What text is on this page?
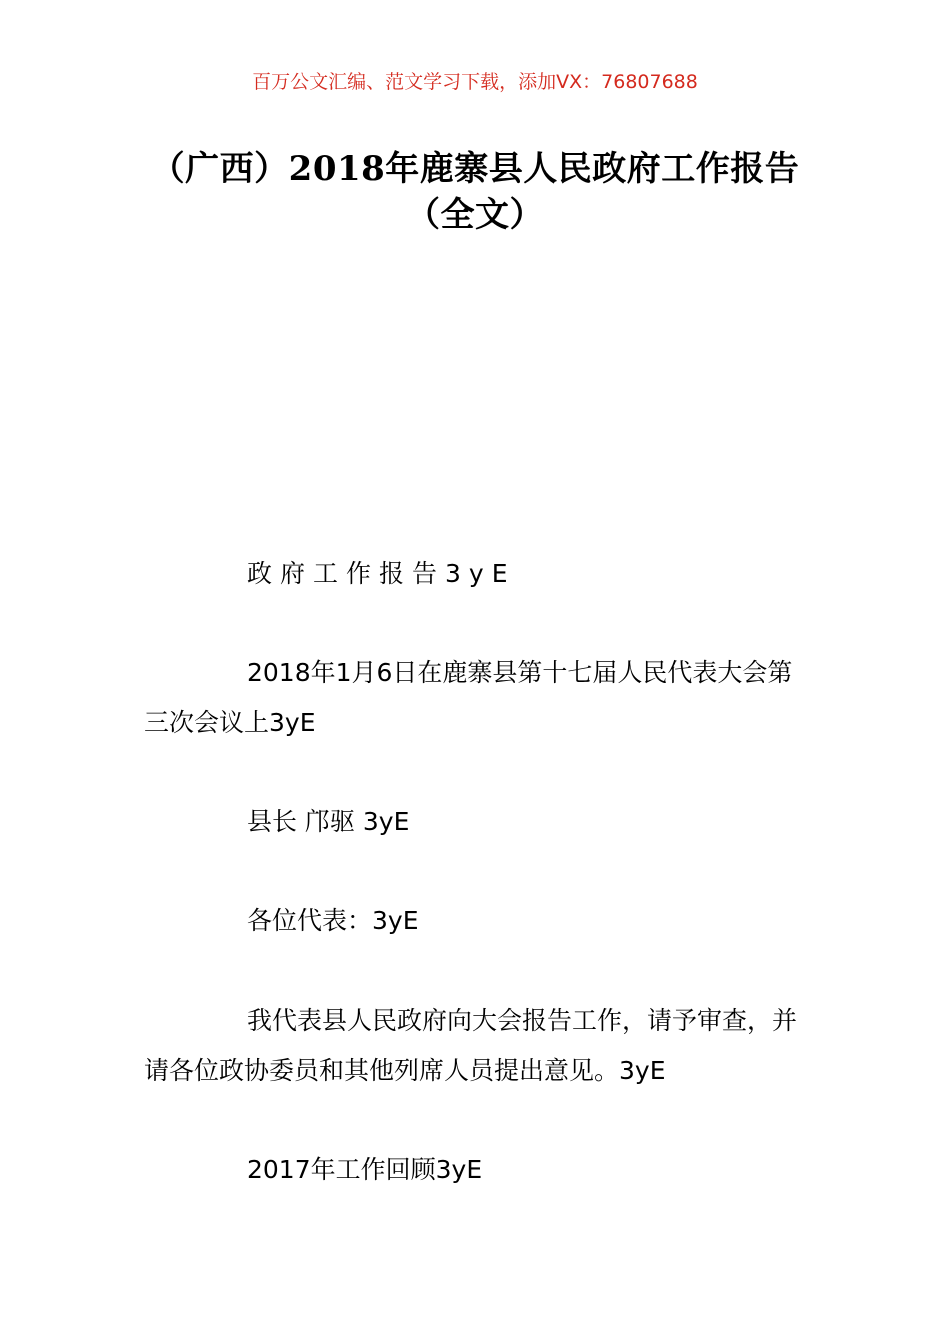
百万公文汇编、范文学习下载，添加VX：76807688
（广西）2018年鹿寨县人民政府工作报告
（全文）

政府工作报告3yE

2018年1月6日在鹿寨县第十七届人民代表大会第三次会议上3yE

县长 邝驱 3yE

各位代表：3yE

我代表县人民政府向大会报告工作，请予审查，并请各位政协委员和其他列席人员提出意见。3yE

2017年工作回顾3yE
